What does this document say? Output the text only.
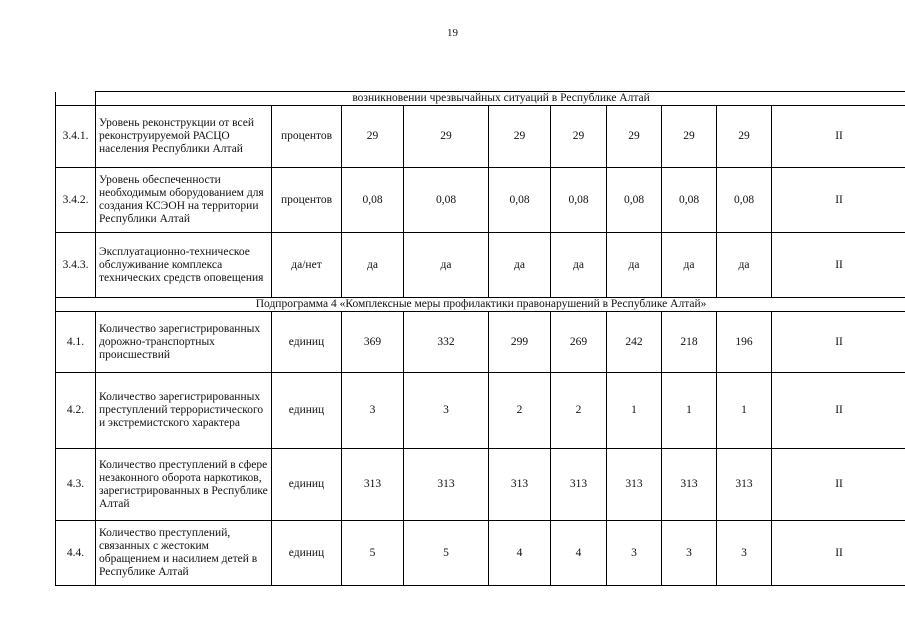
19
	возникновении чрезвычайных ситуаций в Республике Алтай									
3.4.1.	Уровень реконструкции от всей реконструируемой РАСЦО населения Республики Алтай	процентов	29	29	29	29	29	29	29	II
3.4.2.	Уровень обеспеченности необходимым оборудованием для создания КСЭОН на территории Республики Алтай	процентов	0,08	0,08	0,08	0,08	0,08	0,08	0,08	II
3.4.3.	Эксплуатационно-техническое обслуживание комплекса технических средств оповещения	да/нет	да	да	да	да	да	да	да	II
Подпрограмма 4 «Комплексные меры профилактики правонарушений в Республике Алтай»										
4.1.	Количество зарегистрированных дорожно-транспортных происшествий	единиц	369	332	299	269	242	218	196	II
4.2.	Количество зарегистрированных преступлений террористического и экстремистского характера	единиц	3	3	2	2	1	1	1	II
4.3.	Количество преступлений в сфере незаконного оборота наркотиков, зарегистрированных в Республике Алтай	единиц	313	313	313	313	313	313	313	II
4.4.	Количество преступлений, связанных с жестоким обращением и насилием детей в Республике Алтай	единиц	5	5	4	4	3	3	3	II
